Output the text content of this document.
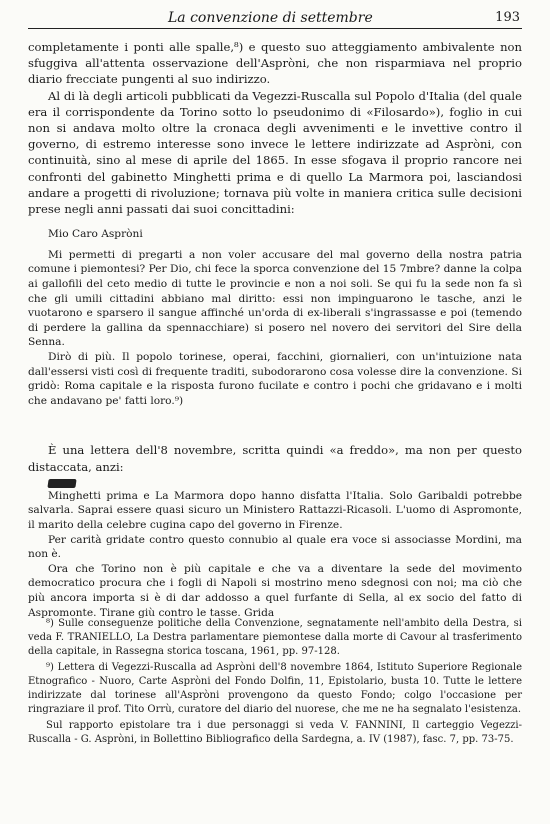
La convenzione di settembre	193

completamente i ponti alle spalle,⁸) e questo suo atteggiamento ambivalente non sfuggiva all'attenta osservazione dell'Aspròni, che non risparmiava nel proprio diario frecciate pungenti al suo indirizzo.

Al di là degli articoli pubblicati da Vegezzi-Ruscalla sul Popolo d'Italia (del quale era il corrispondente da Torino sotto lo pseudonimo di «Filosardo»), foglio in cui non si andava molto oltre la cronaca degli avvenimenti e le invettive contro il governo, di estremo interesse sono invece le lettere indirizzate ad Aspròni, con continuità, sino al mese di aprile del 1865. In esse sfogava il proprio rancore nei confronti del gabinetto Minghetti prima e di quello La Marmora poi, lasciandosi andare a progetti di rivoluzione; tornava più volte in maniera critica sulle decisioni prese negli anni passati dai suoi concittadini:

Mio Caro Aspròni

Mi permetti di pregarti a non voler accusare del mal governo della nostra patria comune i piemontesi? Per Dio, chi fece la sporca convenzione del 15 7mbre? danne la colpa ai gallofili del ceto medio di tutte le provincie e non a noi soli. Se qui fu la sede non fa sì che gli umili cittadini abbiano mal diritto: essi non impinguarono le tasche, anzi le vuotarono e sparsero il sangue affinché un'orda di ex-liberali s'ingrassasse e poi (temendo di perdere la gallina da spennacchiare) si posero nel novero dei servitori del Sire della Senna.

Dirò di più. Il popolo torinese, operai, facchini, giornalieri, con un'intuizione nata dall'essersi visti così di frequente traditi, subodorarono cosa volesse dire la convenzione. Si gridò: Roma capitale e la risposta furono fucilate e contro i pochi che gridavano e i molti che andavano pe' fatti loro.⁹)

È una lettera dell'8 novembre, scritta quindi «a freddo», ma non per questo distaccata, anzi:

Minghetti prima e La Marmora dopo hanno disfatta l'Italia. Solo Garibaldi potrebbe salvarla. Saprai essere quasi sicuro un Ministero Rattazzi-Ricasoli. L'uomo di Aspromonte, il marito della celebre cugina capo del governo in Firenze.

Per carità gridate contro questo connubio al quale era voce si associasse Mordini, ma non è.

Ora che Torino non è più capitale e che va a diventare la sede del movimento democratico procura che i fogli di Napoli si mostrino meno sdegnosi con noi; ma ciò che più ancora importa si è di dar addosso a quel furfante di Sella, al ex socio del fatto di Aspromonte. Tirane giù contro le tasse. Grida

⁸) Sulle conseguenze politiche della Convenzione, segnatamente nell'ambito della Destra, si veda F. TRANIELLO, La Destra parlamentare piemontese dalla morte di Cavour al trasferimento della capitale, in Rassegna storica toscana, 1961, pp. 97-128.

⁹) Lettera di Vegezzi-Ruscalla ad Aspròni dell'8 novembre 1864, Istituto Superiore Regionale Etnografico - Nuoro, Carte Aspròni del Fondo Dolfin, 11, Epistolario, busta 10. Tutte le lettere indirizzate dal torinese all'Aspròni provengono da questo Fondo; colgo l'occasione per ringraziare il prof. Tito Orrù, curatore del diario del nuorese, che me ne ha segnalato l'esistenza.

Sul rapporto epistolare tra i due personaggi si veda V. FANNINI, Il carteggio Vegezzi-Ruscalla - G. Aspròni, in Bollettino Bibliografico della Sardegna, a. IV (1987), fasc. 7, pp. 73-75.
